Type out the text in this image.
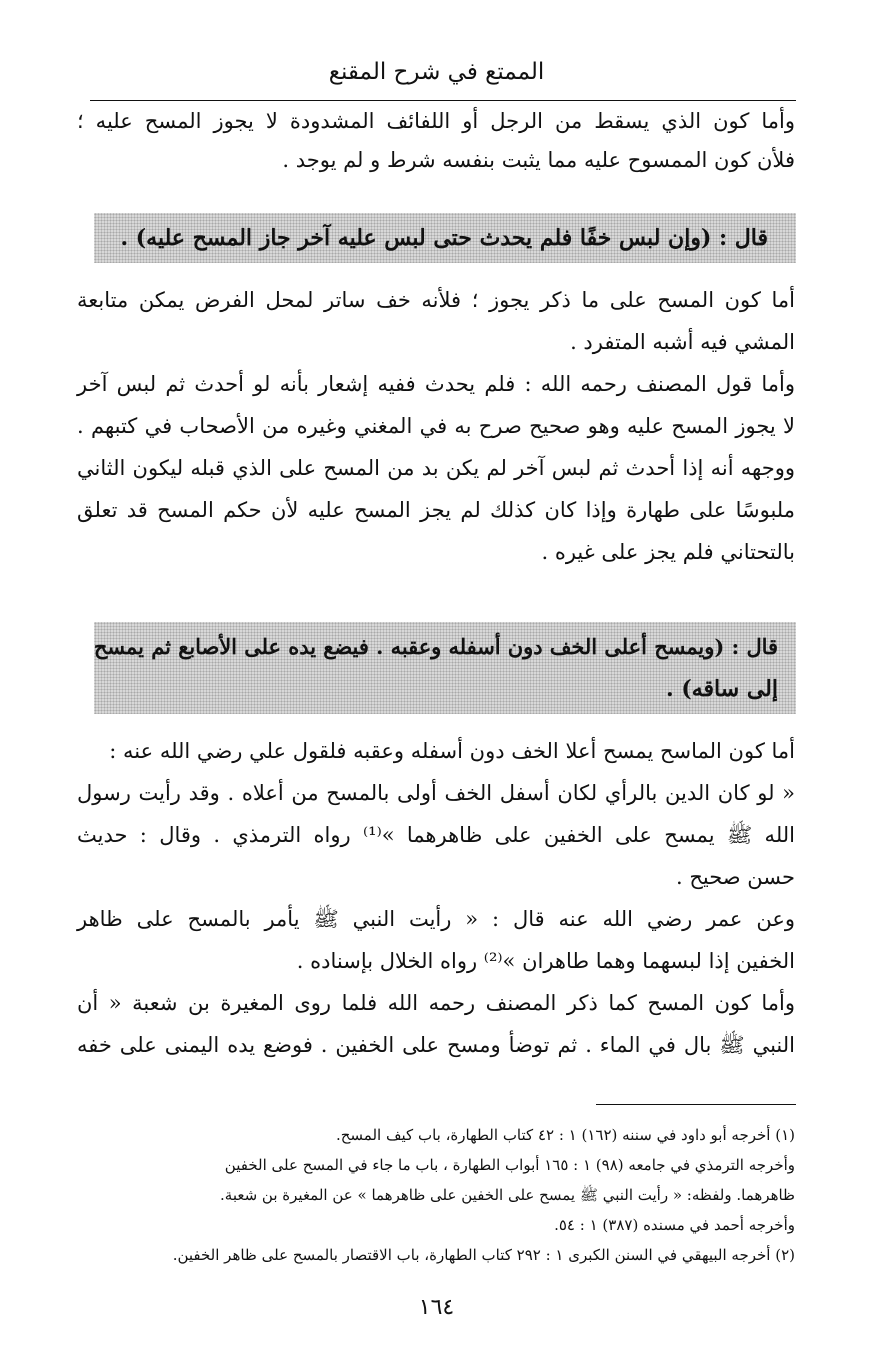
الممتع في شرح المقنع
وأما كون الذي يسقط من الرجل أو اللفائف المشدودة لا يجوز المسح عليه ؛
فلأن كون الممسوح عليه مما يثبت بنفسه شرط و لم يوجد .
قال : (وإن لبس خفًا فلم يحدث حتى لبس عليه آخر جاز المسح عليه) .
أما كون المسح على ما ذكر يجوز ؛ فلأنه خف ساتر لمحل الفرض يمكن متابعة
المشي فيه أشبه المتفرد .
وأما قول المصنف رحمه الله : فلم يحدث ففيه إشعار بأنه لو أحدث ثم لبس آخر
لا يجوز المسح عليه وهو صحيح صرح به في المغني وغيره من الأصحاب في كتبهم .
ووجهه أنه إذا أحدث ثم لبس آخر لم يكن بد من المسح على الذي قبله ليكون الثاني
ملبوسًا على طهارة وإذا كان كذلك لم يجز المسح عليه لأن حكم المسح قد تعلق
بالتحتاني فلم يجز على غيره .
قال : (ويمسح أعلى الخف دون أسفله وعقبه . فيضع يده على الأصابع ثم يمسح
إلى ساقه) .
أما كون الماسح يمسح أعلا الخف دون أسفله وعقبه فلقول علي رضي الله عنه :
« لو كان الدين بالرأي لكان أسفل الخف أولى بالمسح من أعلاه . وقد رأيت رسول
الله ﷺ يمسح على الخفين على ظاهرهما »⁽¹⁾ رواه الترمذي . وقال : حديث
حسن صحيح .
وعن عمر رضي الله عنه قال : « رأيت النبي ﷺ يأمر بالمسح على ظاهر
الخفين إذا لبسهما وهما طاهران »⁽²⁾ رواه الخلال بإسناده .
وأما كون المسح كما ذكر المصنف رحمه الله فلما روى المغيرة بن شعبة « أن
النبي ﷺ بال في الماء . ثم توضأ ومسح على الخفين . فوضع يده اليمنى على خفه
(١) أخرجه أبو داود في سننه (١٦٢) ١ : ٤٢ كتاب الطهارة، باب كيف المسح.
وأخرجه الترمذي في جامعه (٩٨) ١ : ١٦٥ أبواب الطهارة ، باب ما جاء في المسح على الخفين
ظاهرهما. ولفظه: « رأيت النبي ﷺ يمسح على الخفين على ظاهرهما » عن المغيرة بن شعبة.
وأخرجه أحمد في مسنده (٣٨٧) ١ : ٥٤.
(٢) أخرجه البيهقي في السنن الكبرى ١ : ٢٩٢ كتاب الطهارة، باب الاقتصار بالمسح على ظاهر الخفين.
١٦٤
